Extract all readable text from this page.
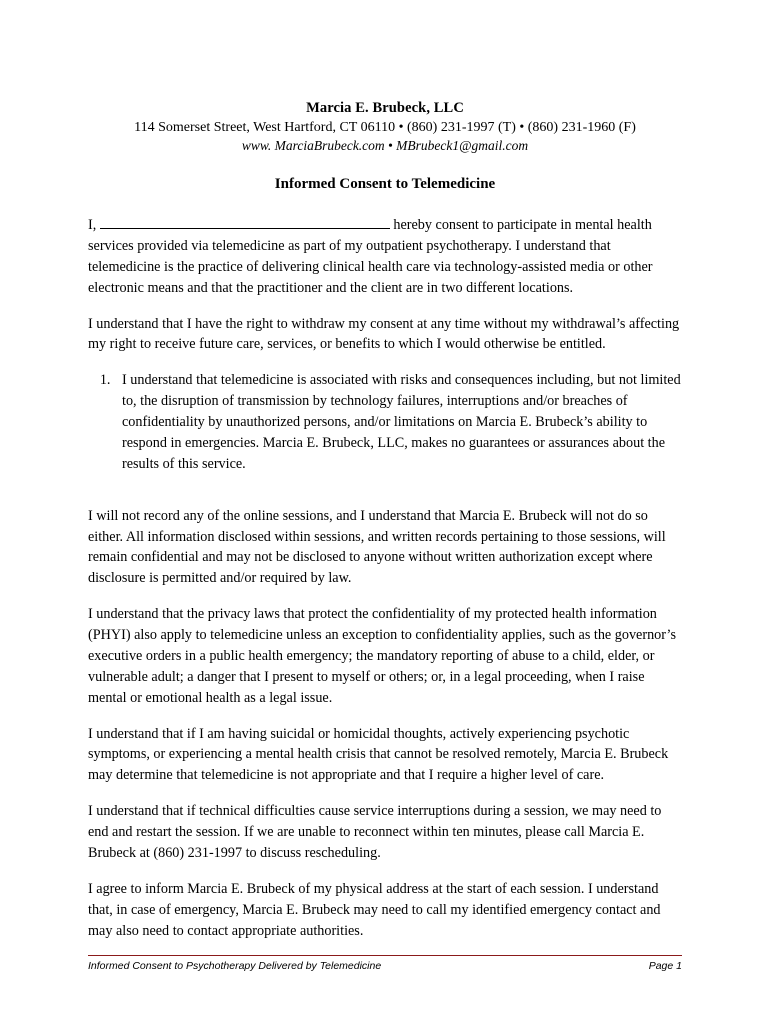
Marcia E. Brubeck, LLC
114 Somerset Street, West Hartford, CT 06110 • (860) 231-1997 (T) • (860) 231-1960 (F)
www. MarciaBrubeck.com • MBrubeck1@gmail.com
Informed Consent to Telemedicine

I,	hereby consent to participate in mental health services provided via telemedicine as part of my outpatient psychotherapy. I understand that telemedicine is the practice of delivering clinical health care via technology-assisted media or other electronic means and that the practitioner and the client are in two different locations.

I understand that I have the right to withdraw my consent at any time without my withdrawal’s affecting my right to receive future care, services, or benefits to which I would otherwise be entitled.

1. I understand that telemedicine is associated with risks and consequences including, but not limited to, the disruption of transmission by technology failures, interruptions and/or breaches of confidentiality by unauthorized persons, and/or limitations on Marcia E. Brubeck’s ability to respond in emergencies. Marcia E. Brubeck, LLC, makes no guarantees or assurances about the results of this service.

I will not record any of the online sessions, and I understand that Marcia E. Brubeck will not do so either. All information disclosed within sessions, and written records pertaining to those sessions, will remain confidential and may not be disclosed to anyone without written authorization except where disclosure is permitted and/or required by law.

I understand that the privacy laws that protect the confidentiality of my protected health information (PHYI) also apply to telemedicine unless an exception to confidentiality applies, such as the governor’s executive orders in a public health emergency; the mandatory reporting of abuse to a child, elder, or vulnerable adult; a danger that I present to myself or others; or, in a legal proceeding, when I raise mental or emotional health as a legal issue.

I understand that if I am having suicidal or homicidal thoughts, actively experiencing psychotic symptoms, or experiencing a mental health crisis that cannot be resolved remotely, Marcia E. Brubeck may determine that telemedicine is not appropriate and that I require a higher level of care.

I understand that if technical difficulties cause service interruptions during a session, we may need to end and restart the session. If we are unable to reconnect within ten minutes, please call Marcia E. Brubeck at (860) 231-1997 to discuss rescheduling.

I agree to inform Marcia E. Brubeck of my physical address at the start of each session. I understand that, in case of emergency, Marcia E. Brubeck may need to call my identified emergency contact and may also need to contact appropriate authorities.

Informed Consent to Psychotherapy Delivered by Telemedicine	Page 1
